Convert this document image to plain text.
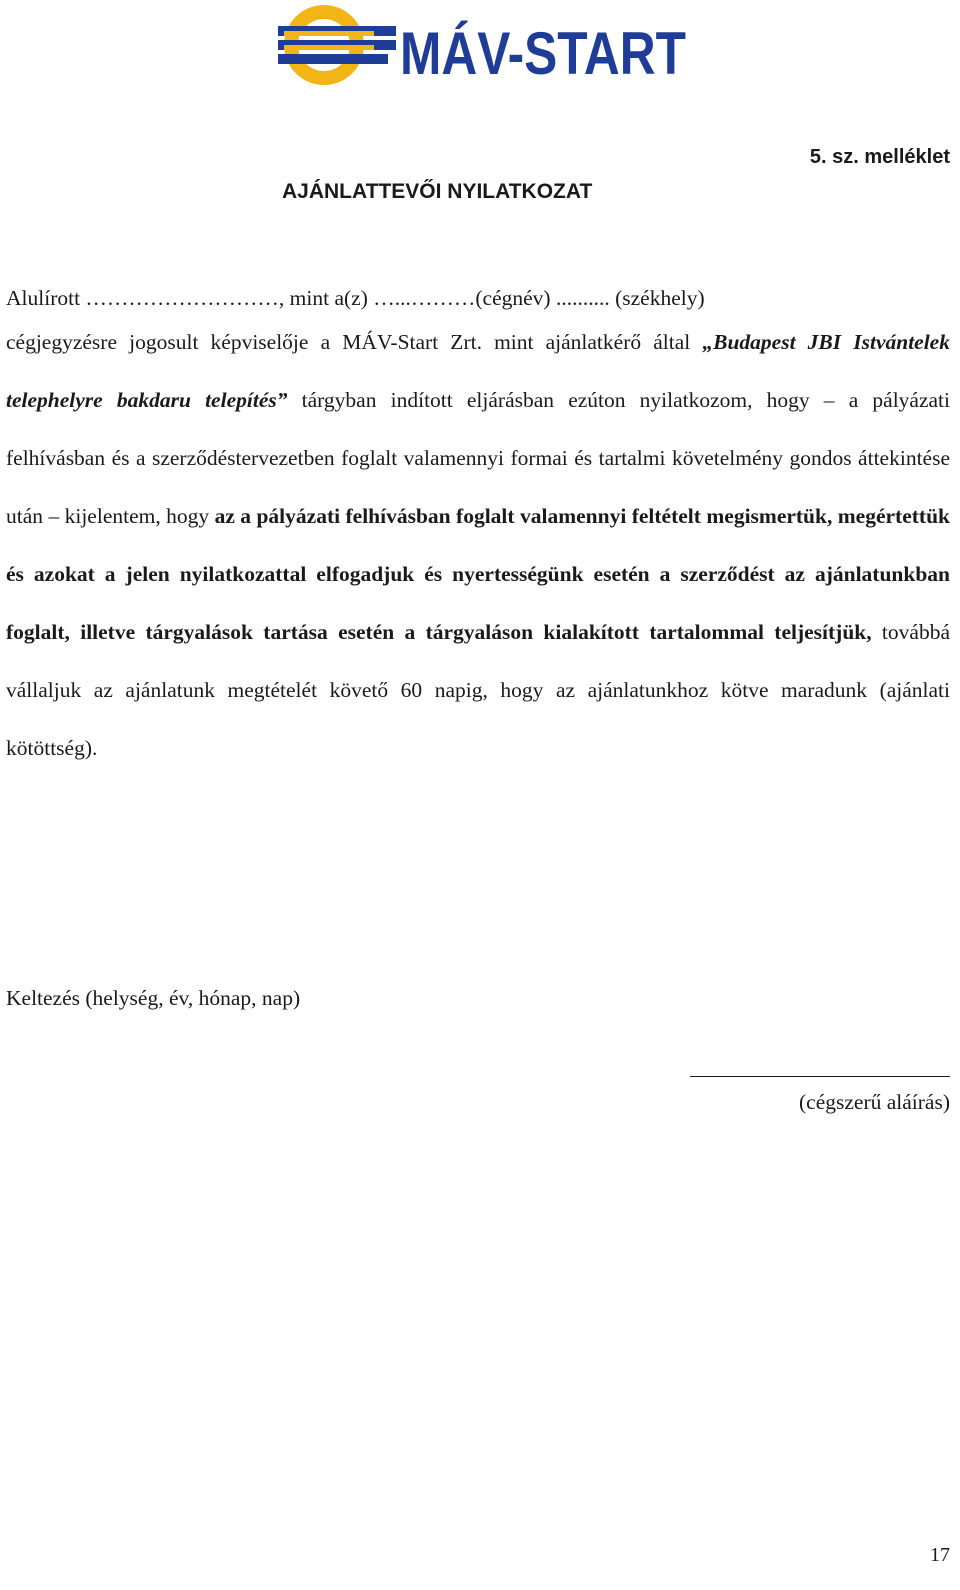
MÁV-START
5. sz. melléklet
AJÁNLATTEVŐI NYILATKOZAT

Alulírott ………………………, mint a(z) …...………(cégnév) .......... (székhely)
cégjegyzésre jogosult képviselője a MÁV-Start Zrt. mint ajánlatkérő által „Budapest JBI Istvántelek telephelyre bakdaru telepítés” tárgyban indított eljárásban ezúton nyilatkozom, hogy – a pályázati felhívásban és a szerződéstervezetben foglalt valamennyi formai és tartalmi követelmény gondos áttekintése után – kijelentem, hogy az a pályázati felhívásban foglalt valamennyi feltételt megismertük, megértettük és azokat a jelen nyilatkozattal elfogadjuk és nyertességünk esetén a szerződést az ajánlatunkban foglalt, illetve tárgyalások tartása esetén a tárgyaláson kialakított tartalommal teljesítjük, továbbá vállaljuk az ajánlatunk megtételét követő 60 napig, hogy az ajánlatunkhoz kötve maradunk (ajánlati kötöttség).

Keltezés (helység, év, hónap, nap)
(cégszerű aláírás)
17
